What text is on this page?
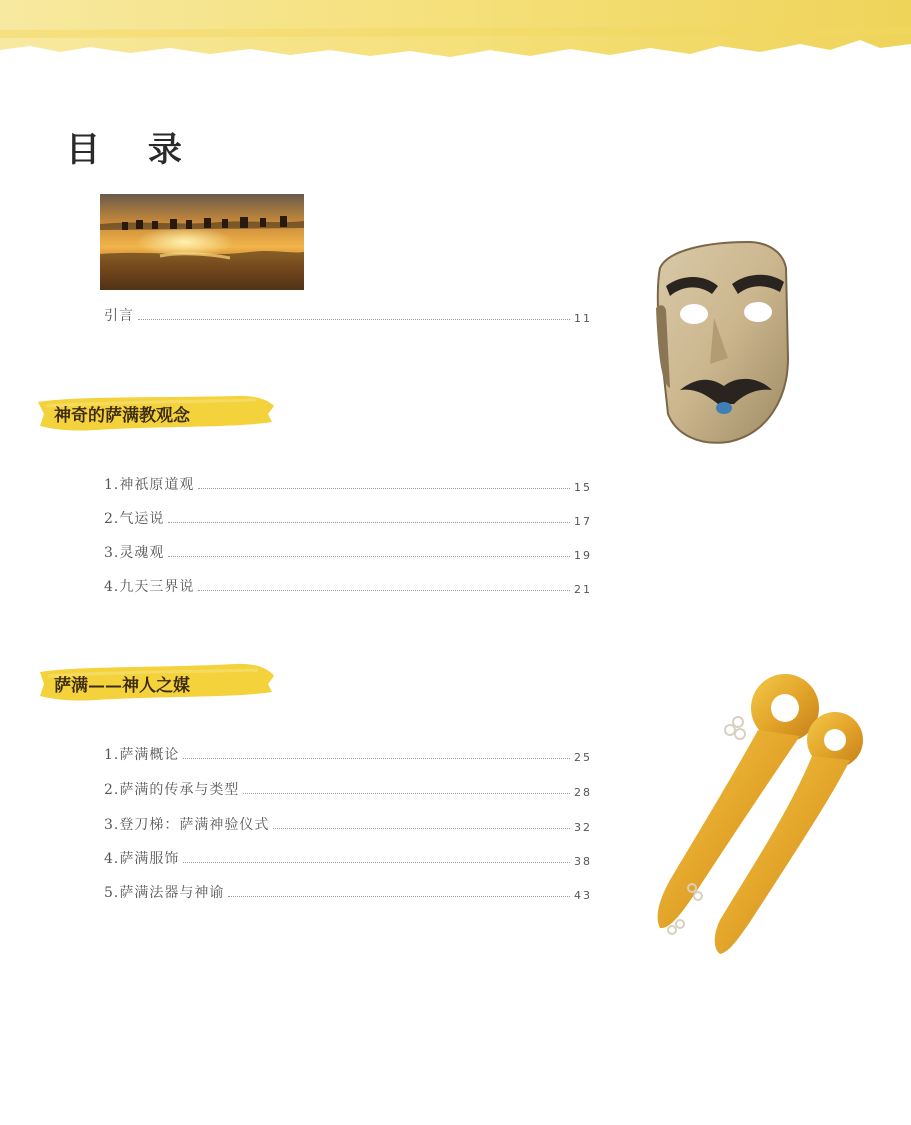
目 录
引言	11
神奇的萨满教观念
1.神祇原道观	15
2.气运说	17
3.灵魂观	19
4.九天三界说	21
萨满——神人之媒
1.萨满概论	25
2.萨满的传承与类型	28
3.登刀梯：萨满神验仪式	32
4.萨满服饰	38
5.萨满法器与神谕	43
